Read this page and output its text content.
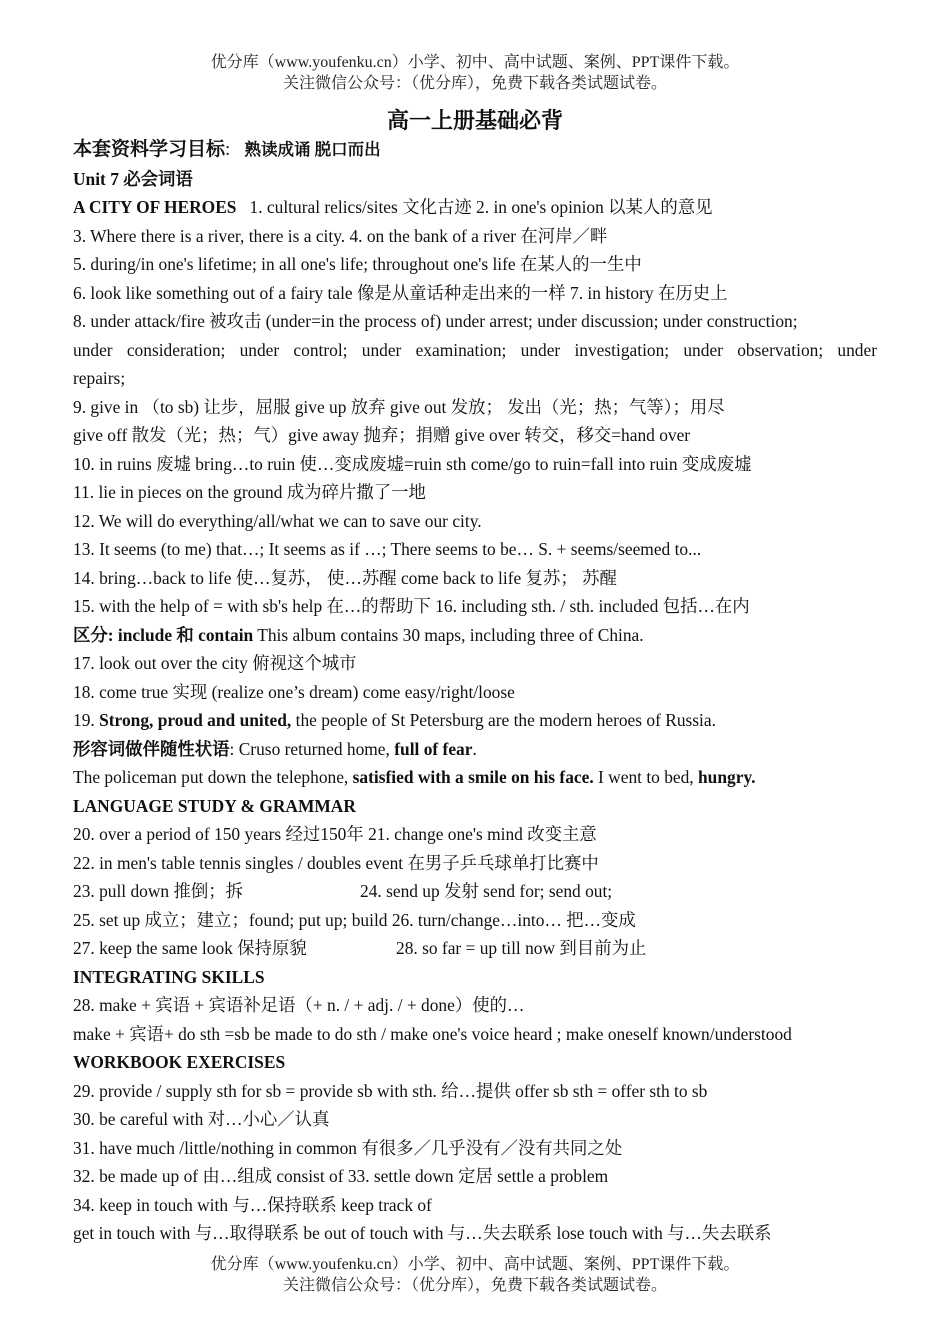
优分库（www.youfenku.cn）小学、初中、高中试题、案例、PPT课件下载。
关注微信公众号：（优分库），免费下载各类试题试卷。
高一上册基础必背
本套资料学习目标: 熟读成诵 脱口而出
Unit 7 必会词语
A CITY OF HEROES 1. cultural relics/sites 文化古迹 2. in one's opinion 以某人的意见
3. Where there is a river, there is a city. 4. on the bank of a river 在河岸／畔
5. during/in one's lifetime; in all one's life; throughout one's life 在某人的一生中
6. look like something out of a fairy tale 像是从童话种走出来的一样 7. in history 在历史上
8. under attack/fire 被攻击 (under=in the process of) under arrest; under discussion; under construction;
under consideration; under control; under examination; under investigation; under observation; under
repairs;
9. give in （to sb) 让步，屈服 give up 放弃 give out 发放； 发出（光；热；气等）；用尽
give off 散发（光；热；气）give away 抛弃；捐赠 give over 转交，移交=hand over
10. in ruins 废墟 bring…to ruin 使…变成废墟=ruin sth come/go to ruin=fall into ruin 变成废墟
11. lie in pieces on the ground 成为碎片撒了一地
12. We will do everything/all/what we can to save our city.
13. It seems (to me) that…; It seems as if …; There seems to be… S. + seems/seemed to...
14. bring…back to life 使…复苏， 使…苏醒 come back to life 复苏； 苏醒
15. with the help of = with sb's help 在…的帮助下 16. including sth. / sth. included 包括…在内
区分: include 和 contain This album contains 30 maps, including three of China.
17. look out over the city 俯视这个城市
18. come true 实现 (realize one’s dream) come easy/right/loose
19. Strong, proud and united, the people of St Petersburg are the modern heroes of Russia.
形容词做伴随性状语: Cruso returned home, full of fear.
The policeman put down the telephone, satisfied with a smile on his face. I went to bed, hungry.
LANGUAGE STUDY & GRAMMAR
20. over a period of 150 years 经过150年 21. change one's mind 改变主意
22. in men's table tennis singles / doubles event 在男子乒乓球单打比赛中
23. pull down 推倒；拆	24. send up 发射 send for; send out;
25. set up 成立；建立；found; put up; build 26. turn/change…into… 把…变成
27. keep the same look 保持原貌	28. so far = up till now 到目前为止
INTEGRATING SKILLS
28. make + 宾语 + 宾语补足语（+ n. / + adj. / + done）使的…
make + 宾语+ do sth =sb be made to do sth / make one's voice heard ; make oneself known/understood
WORKBOOK EXERCISES
29. provide / supply sth for sb = provide sb with sth. 给…提供 offer sb sth = offer sth to sb
30. be careful with 对…小心／认真
31. have much /little/nothing in common 有很多／几乎没有／没有共同之处
32. be made up of 由…组成 consist of 33. settle down 定居 settle a problem
34. keep in touch with 与…保持联系 keep track of
get in touch with 与…取得联系 be out of touch with 与…失去联系 lose touch with 与…失去联系
优分库（www.youfenku.cn）小学、初中、高中试题、案例、PPT课件下载。
关注微信公众号：（优分库），免费下载各类试题试卷。
